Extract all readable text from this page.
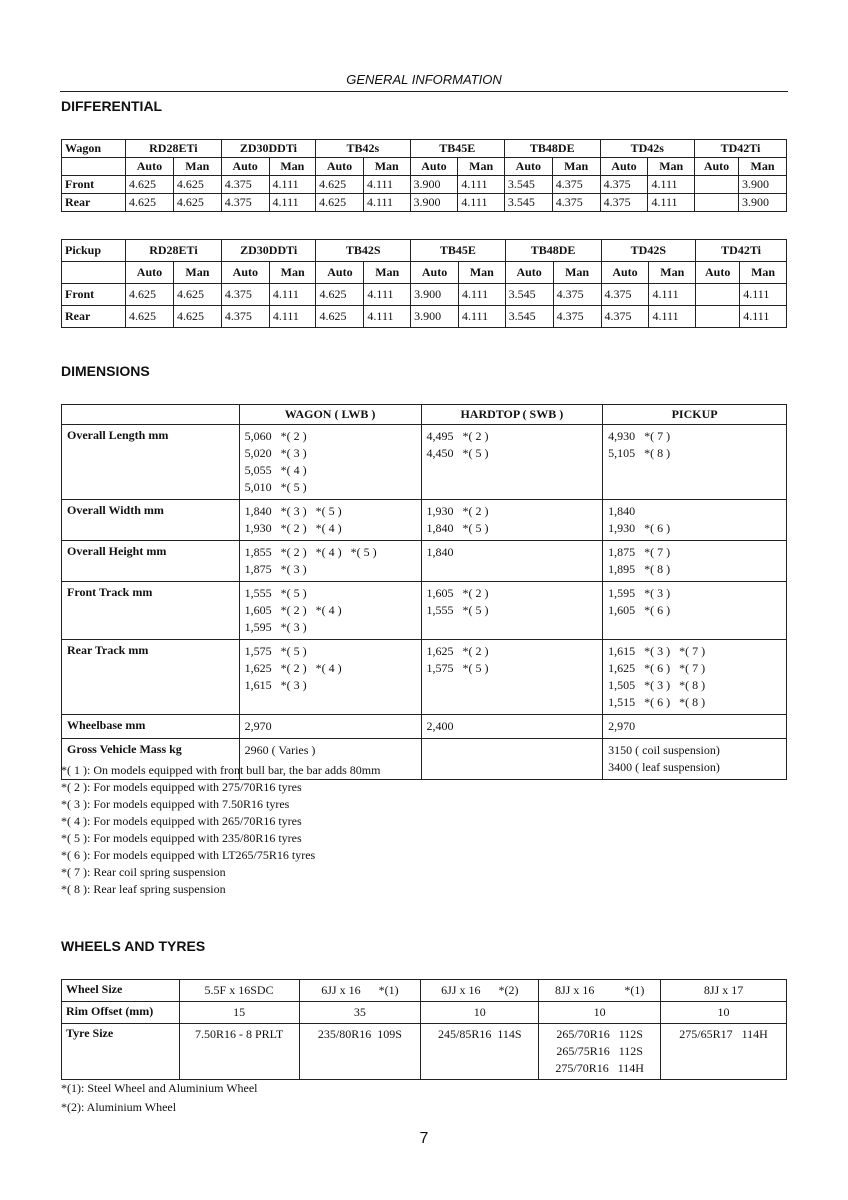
GENERAL INFORMATION
DIFFERENTIAL
Wagon	RD28ETi		ZD30DDTi		TB42s		TB45E		TB48DE		TD42s		TD42Ti	
	Auto	Man	Auto	Man	Auto	Man	Auto	Man	Auto	Man	Auto	Man	Auto	Man
Front	4.625	4.625	4.375	4.111	4.625	4.111	3.900	4.111	3.545	4.375	4.375	4.111		3.900
Rear	4.625	4.625	4.375	4.111	4.625	4.111	3.900	4.111	3.545	4.375	4.375	4.111		3.900
Pickup	RD28ETi		ZD30DDTi		TB42S		TB45E		TB48DE		TD42S		TD42Ti	
	Auto	Man	Auto	Man	Auto	Man	Auto	Man	Auto	Man	Auto	Man	Auto	Man
Front	4.625	4.625	4.375	4.111	4.625	4.111	3.900	4.111	3.545	4.375	4.375	4.111		4.111
Rear	4.625	4.625	4.375	4.111	4.625	4.111	3.900	4.111	3.545	4.375	4.375	4.111		4.111
DIMENSIONS
	WAGON ( LWB )	HARDTOP ( SWB )	PICKUP
Overall Length mm	5,060   *( 2 )
5,020   *( 3 )
5,055   *( 4 )
5,010   *( 5 )	4,495   *( 2 )
4,450   *( 5 )	4,930   *( 7 )
5,105   *( 8 )

Overall Width mm	1,840   *( 3 )   *( 5 )
1,930   *( 2 )   *( 4 )	1,930   *( 2 )
1,840   *( 5 )	1,840
1,930   *( 6 )

Overall Height mm	1,855   *( 2 )   *( 4 )   *( 5 )
1,875   *( 3 )	1,840	1,875   *( 7 )
1,895   *( 8 )

Front Track mm	1,555   *( 5 )
1,605   *( 2 )   *( 4 )
1,595   *( 3 )	1,605   *( 2 )
1,555   *( 5 )	1,595   *( 3 )
1,605   *( 6 )

Rear Track mm	1,575   *( 5 )
1,625   *( 2 )   *( 4 )
1,615   *( 3 )	1,625   *( 2 )
1,575   *( 5 )	1,615   *( 3 )   *( 7 )
1,625   *( 6 )   *( 7 )
1,505   *( 3 )   *( 8 )
1,515   *( 6 )   *( 8 )

Wheelbase mm	2,970	2,400	2,970

Gross Vehicle Mass kg	2960 ( Varies )		3150 ( coil suspension)
3400 ( leaf suspension)
*( 1 ): On models equipped with front bull bar, the bar adds 80mm
*( 2 ): For models equipped with 275/70R16 tyres
*( 3 ): For models equipped with 7.50R16 tyres
*( 4 ): For models equipped with 265/70R16 tyres
*( 5 ): For models equipped with 235/80R16 tyres
*( 6 ): For models equipped with LT265/75R16 tyres
*( 7 ): Rear coil spring suspension
*( 8 ): Rear leaf spring suspension
WHEELS AND TYRES
Wheel Size	5.5F x 16SDC	6JJ x 16      *(1)	6JJ x 16      *(2)	8JJ x 16          *(1)	8JJ x 17

Rim Offset (mm)	15	35	10	10	10

Tyre Size	7.50R16 - 8 PRLT	235/80R16  109S	245/85R16  114S	265/70R16   112S
265/75R16   112S
275/70R16   114H	275/65R17   114H
*(1): Steel Wheel and Aluminium Wheel
*(2): Aluminium Wheel
7
